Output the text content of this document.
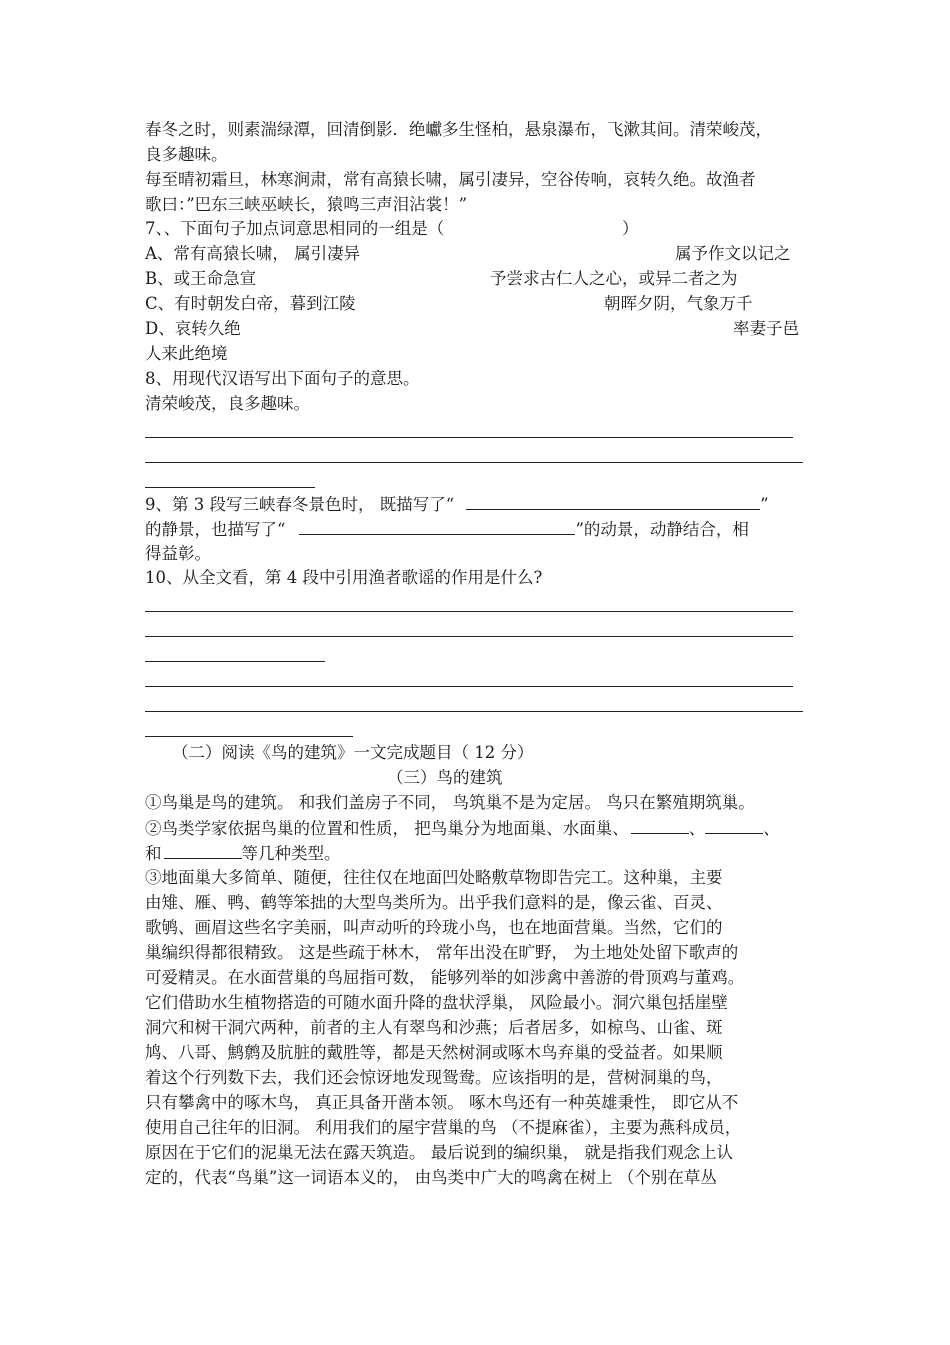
春冬之时，则素湍绿潭，回清倒影．绝巘多生怪柏，悬泉瀑布，飞漱其间。清荣峻茂，
良多趣味。
每至晴初霜旦，林寒涧肃，常有高猿长啸，属引凄异，空谷传响，哀转久绝。故渔者
歌曰：”巴东三峡巫峡长，猿鸣三声泪沾裳！”
7、、下面句子加点词意思相同的一组是（	）
A、常有高猿长啸， 属引凄异	属予作文以记之
B、或王命急宣	予尝求古仁人之心，或异二者之为
C、有时朝发白帝，暮到江陵	朝晖夕阴，气象万千
D、哀转久绝	率妻子邑
人来此绝境
8、用现代汉语写出下面句子的意思。
清荣峻茂，良多趣味。
9、第 3 段写三峡春冬景色时， 既描写了“	”
的静景，也描写了“	”的动景，动静结合，相
得益彰。
10、从全文看，第 4 段中引用渔者歌谣的作用是什么?
（二）阅读《鸟的建筑》一文完成题目（ 12 分）
（三）鸟的建筑
①鸟巢是鸟的建筑。 和我们盖房子不同， 鸟筑巢不是为定居。 鸟只在繁殖期筑巢。
②鸟类学家依据鸟巢的位置和性质， 把鸟巢分为地面巢、水面巢、	、	、
和	等几种类型。
③地面巢大多简单、随便，往往仅在地面凹处略敷草物即告完工。这种巢，主要
由雉、雁、鸭、鹤等笨拙的大型鸟类所为。出乎我们意料的是，像云雀、百灵、
歌鸲、画眉这些名字美丽，叫声动听的玲珑小鸟，也在地面营巢。当然，它们的
巢编织得都很精致。 这是些疏于林木， 常年出没在旷野， 为土地处处留下歌声的
可爱精灵。在水面营巢的鸟屈指可数， 能够列举的如涉禽中善游的骨顶鸡与董鸡。
它们借助水生植物搭造的可随水面升降的盘状浮巢， 风险最小。洞穴巢包括崖壁
洞穴和树干洞穴两种，前者的主人有翠鸟和沙燕；后者居多，如椋鸟、山雀、斑
鸠、八哥、鹪鹩及肮脏的戴胜等，都是天然树洞或啄木鸟弃巢的受益者。如果顺
着这个行列数下去，我们还会惊讶地发现鸳鸯。应该指明的是，营树洞巢的鸟，
只有攀禽中的啄木鸟， 真正具备开凿本领。 啄木鸟还有一种英雄秉性， 即它从不
使用自己往年的旧洞。 利用我们的屋宇营巢的鸟 （不提麻雀），主要为燕科成员，
原因在于它们的泥巢无法在露天筑造。 最后说到的编织巢， 就是指我们观念上认
定的，代表“鸟巢”这一词语本义的， 由鸟类中广大的鸣禽在树上 （个别在草丛
